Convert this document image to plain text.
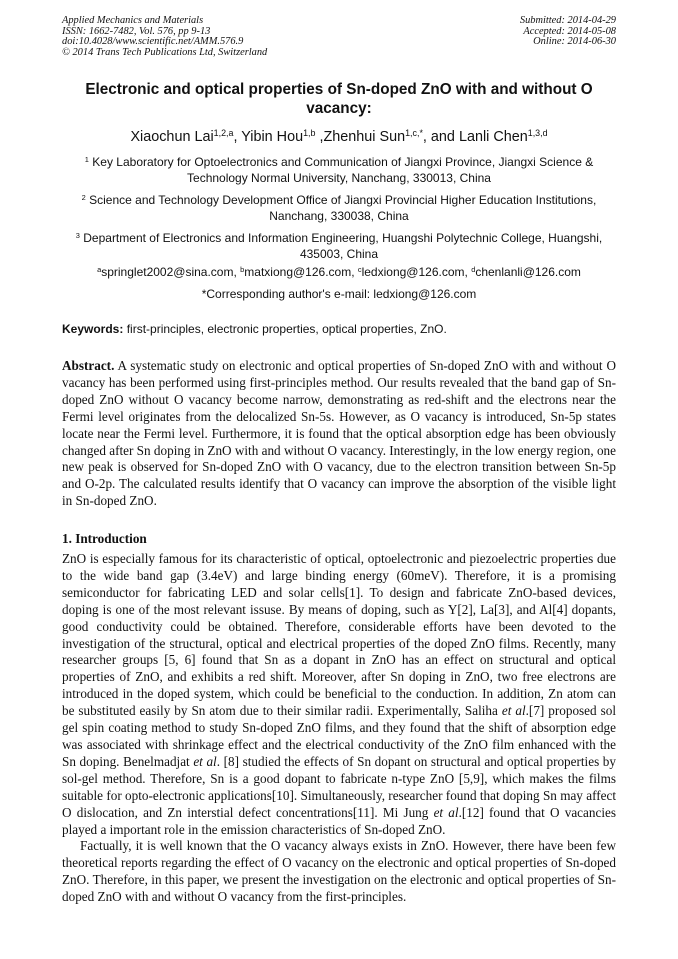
Applied Mechanics and Materials
ISSN: 1662-7482, Vol. 576, pp 9-13
doi:10.4028/www.scientific.net/AMM.576.9
© 2014 Trans Tech Publications Ltd, Switzerland
Submitted: 2014-04-29
Accepted: 2014-05-08
Online: 2014-06-30
Electronic and optical properties of Sn-doped ZnO with and without O vacancy:
Xiaochun Lai$^{1,2,a}$, Yibin Hou$^{1,b}$ ,Zhenhui Sun$^{1,c,*}$, and Lanli Chen$^{1,3,d}$
$^1$ Key Laboratory for Optoelectronics and Communication of Jiangxi Province, Jiangxi Science & Technology Normal University, Nanchang, 330013, China
$^2$ Science and Technology Development Office of Jiangxi Provincial Higher Education Institutions, Nanchang, 330038, China
$^3$ Department of Electronics and Information Engineering, Huangshi Polytechnic College, Huangshi, 435003, China
$^a$springlet2002@sina.com, $^b$matxiong@126.com, $^c$ledxiong@126.com, $^d$chenlanli@126.com
*Corresponding author's e-mail: ledxiong@126.com
Keywords: first-principles, electronic properties, optical properties, ZnO.
Abstract. A systematic study on electronic and optical properties of Sn-doped ZnO with and without O vacancy has been performed using first-principles method. Our results revealed that the band gap of Sn-doped ZnO without O vacancy become narrow, demonstrating as red-shift and the electrons near the Fermi level originates from the delocalized Sn-5s. However, as O vacancy is introduced, Sn-5p states locate near the Fermi level. Furthermore, it is found that the optical absorption edge has been obviously changed after Sn doping in ZnO with and without O vacancy. Interestingly, in the low energy region, one new peak is observed for Sn-doped ZnO with O vacancy, due to the electron transition between Sn-5p and O-2p. The calculated results identify that O vacancy can improve the absorption of the visible light in Sn-doped ZnO.
1. Introduction

ZnO is especially famous for its characteristic of optical, optoelectronic and piezoelectric properties due to the wide band gap (3.4eV) and large binding energy (60meV). Therefore, it is a promising semiconductor for fabricating LED and solar cells[1]. To design and fabricate ZnO-based devices, doping is one of the most relevant issuse. By means of doping, such as Y[2], La[3], and Al[4] dopants, good conductivity could be obtained. Therefore, considerable efforts have been devoted to the investigation of the structural, optical and electrical properties of the doped ZnO films. Recently, many researcher groups [5, 6] found that Sn as a dopant in ZnO has an effect on structural and optical properties of ZnO, and exhibits a red shift. Moreover, after Sn doping in ZnO, two free electrons are introduced in the doped system, which could be beneficial to the conduction. In addition, Zn atom can be substituted easily by Sn atom due to their similar radii. Experimentally, Saliha et al.[7] proposed sol gel spin coating method to study Sn-doped ZnO films, and they found that the shift of absorption edge was associated with shrinkage effect and the electrical conductivity of the ZnO film enhanced with the Sn doping. Benelmadjat et al. [8] studied the effects of Sn dopant on structural and optical properties by sol-gel method. Therefore, Sn is a good dopant to fabricate n-type ZnO [5,9], which makes the films suitable for opto-electronic applications[10]. Simultaneously, researcher found that doping Sn may affect O dislocation, and Zn interstial defect concentrations[11]. Mi Jung et al.[12] found that O vacancies played a important role in the emission characteristics of Sn-doped ZnO.

Factually, it is well known that the O vacancy always exists in ZnO. However, there have been few theoretical reports regarding the effect of O vacancy on the electronic and optical properties of Sn-doped ZnO. Therefore, in this paper, we present the investigation on the electronic and optical properties of Sn-doped ZnO with and without O vacancy from the first-principles.
